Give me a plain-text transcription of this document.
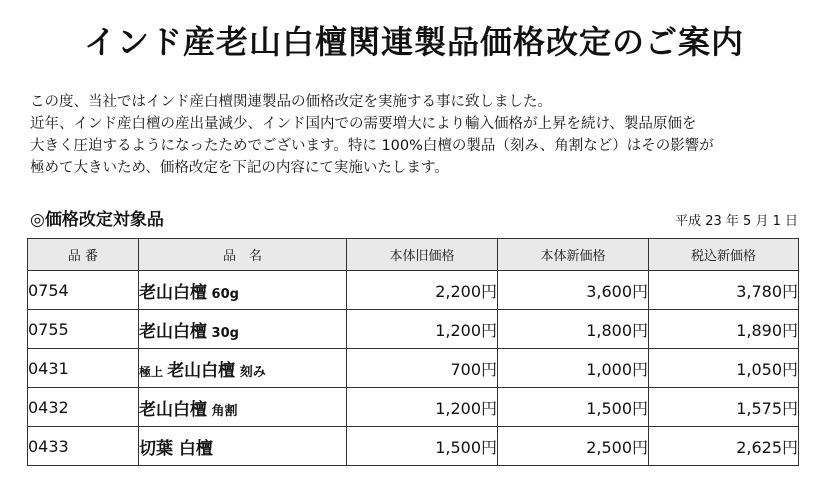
インド産老山白檀関連製品価格改定のご案内

この度、当社ではインド産白檀関連製品の価格改定を実施する事に致しました。

近年、インド産白檀の産出量減少、インド国内での需要増大により輸入価格が上昇を続け、製品原価を

大きく圧迫するようになったためでございます。特に 100%白檀の製品（刻み、角割など）はその影響が

極めて大きいため、価格改定を下記の内容にて実施いたします。

◎価格改定対象品	平成 23 年 5 月 1 日
品 番	品　名	本体旧価格	本体新価格	税込新価格
0754	老山白檀 60g	2,200円	3,600円	3,780円
0755	老山白檀 30g	1,200円	1,800円	1,890円
0431	極上 老山白檀 刻み	700円	1,000円	1,050円
0432	老山白檀 角割	1,200円	1,500円	1,575円
0433	切葉 白檀	1,500円	2,500円	2,625円
